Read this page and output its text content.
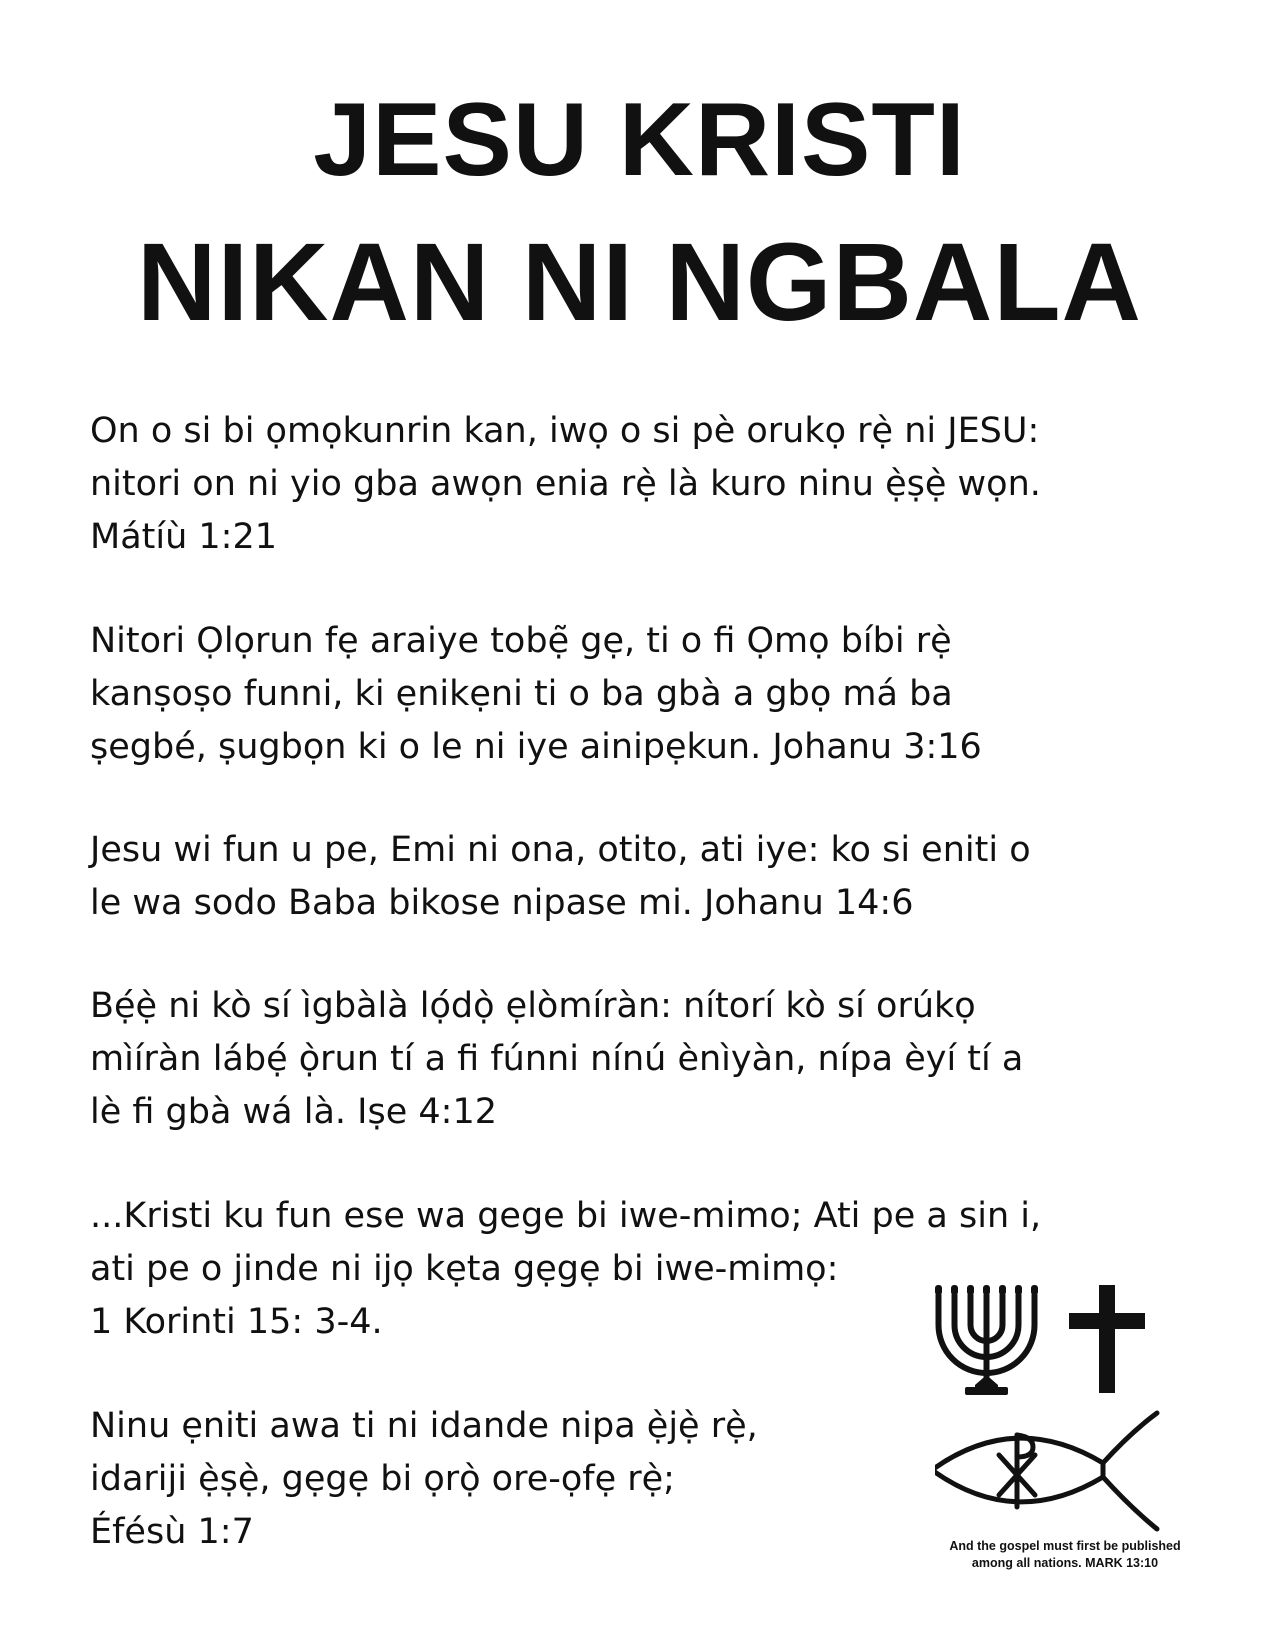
JESU KRISTI
NIKAN NI NGBALA

On o si bi ọmọkunrin kan, iwọ o si pè orukọ rẹ̀ ni JESU:
nitori on ni yio gba awọn enia rẹ̀ là kuro ninu ẹ̀ṣẹ̀ wọn.
Mátíù 1:21

Nitori Ọlọrun fẹ araiye tobẹ̃ gẹ, ti o fi Ọmọ bíbi rẹ̀
kanṣoṣo funni, ki ẹnikẹni ti o ba gbà a gbọ má ba
ṣegbé, ṣugbọn ki o le ni iye ainipẹkun. Johanu 3:16

Jesu wi fun u pe, Emi ni ona, otito, ati iye: ko si eniti o
le wa sodo Baba bikose nipase mi. Johanu 14:6

Bẹ́ẹ̀ ni kò sí ìgbàlà lọ́dọ̀ ẹlòmíràn: nítorí kò sí orúkọ
mìíràn lábẹ́ ọ̀run tí a fi fúnni nínú ènìyàn, nípa èyí tí a
lè fi gbà wá là. Iṣe 4:12

...Kristi ku fun ese wa gege bi iwe-mimo; Ati pe a sin i,
ati pe o jinde ni ijọ kẹta gẹgẹ bi iwe-mimọ:
1 Korinti 15: 3-4.

Ninu ẹniti awa ti ni idande nipa ẹ̀jẹ̀ rẹ̀,
idariji ẹ̀ṣẹ̀, gẹgẹ bi ọrọ̀ ore-ọfẹ rẹ̀;
Éfésù 1:7	And the gospel must first be published
among all nations. MARK 13:10
